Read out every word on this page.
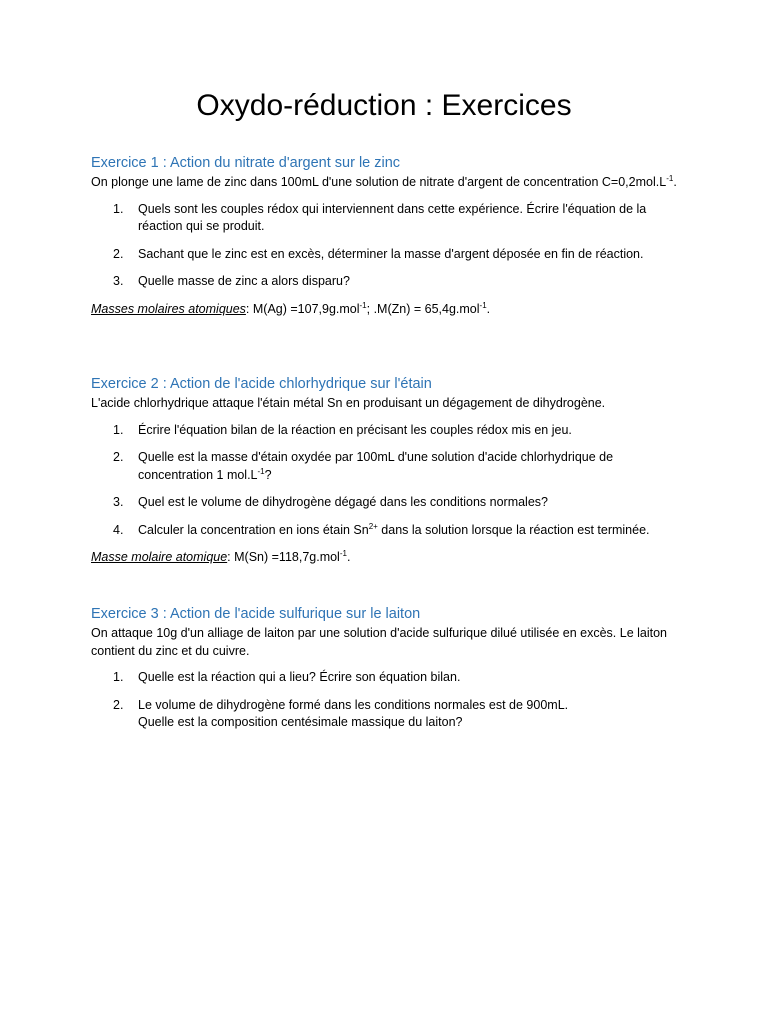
Oxydo-réduction : Exercices
Exercice 1 : Action du nitrate d'argent sur le zinc

On plonge une lame de zinc dans 100mL d'une solution de nitrate d'argent de concentration $C=0,2mol.L^{-1}$.

1. Quels sont les couples rédox qui interviennent dans cette expérience. Écrire l'équation de la réaction qui se produit.
2. Sachant que le zinc est en excès, déterminer la masse d'argent déposée en fin de réaction.
3. Quelle masse de zinc a alors disparu?

Masses molaires atomiques: M(Ag) =107,9g.mol$^{-1}$; .M(Zn) = 65,4g.mol$^{-1}$.

Exercice 2 : Action de l'acide chlorhydrique sur l'étain

L'acide chlorhydrique attaque l'étain métal Sn en produisant un dégagement de dihydrogène.

1. Écrire l'équation bilan de la réaction en précisant les couples rédox mis en jeu.
2. Quelle est la masse d'étain oxydée par 100mL d'une solution d'acide chlorhydrique de concentration 1 $mol.L^{-1}$?
3. Quel est le volume de dihydrogène dégagé dans les conditions normales?
4. Calculer la concentration en ions étain $Sn^{2+}$ dans la solution lorsque la réaction est terminée.

Masse molaire atomique: M(Sn) =118,7g.mol$^{-1}$.

Exercice 3 : Action de l'acide sulfurique sur le laiton

On attaque 10g d'un alliage de laiton par une solution d'acide sulfurique dilué utilisée en excès. Le laiton contient du zinc et du cuivre.

1. Quelle est la réaction qui a lieu? Écrire son équation bilan.
2. Le volume de dihydrogène formé dans les conditions normales est de 900mL.
Quelle est la composition centésimale massique du laiton?
